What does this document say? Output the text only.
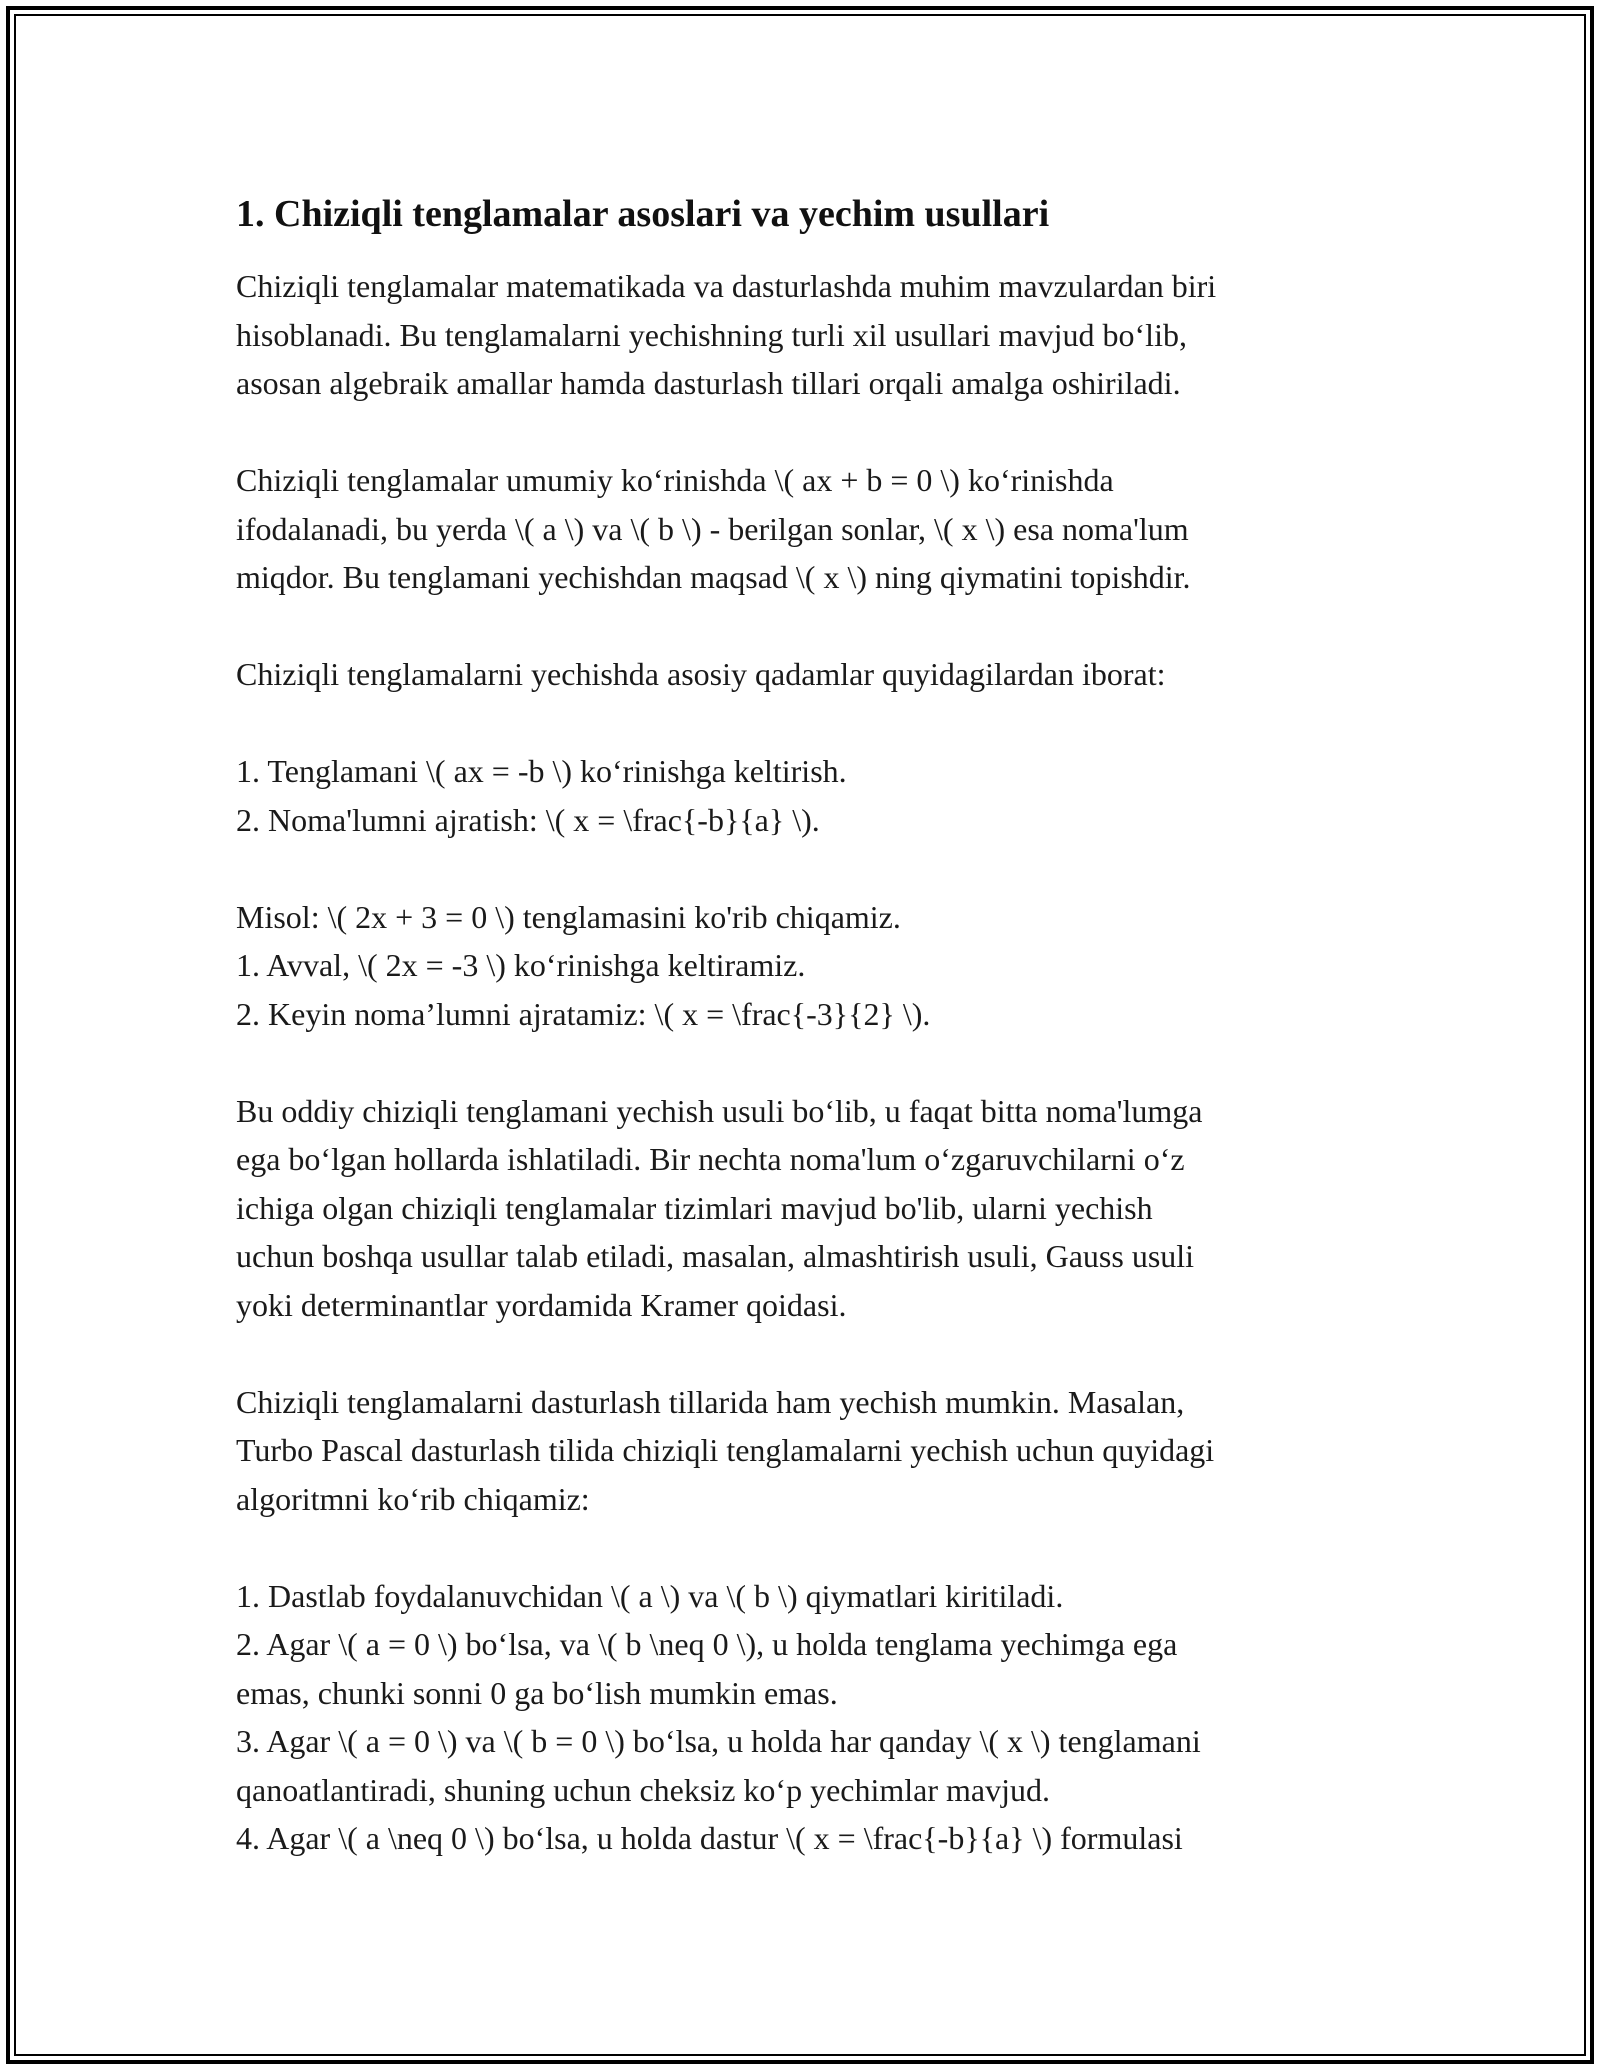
1. Chiziqli tenglamalar asoslari va yechim usullari
Chiziqli tenglamalar matematikada va dasturlashda muhim mavzulardan biri
hisoblanadi. Bu tenglamalarni yechishning turli xil usullari mavjud bo‘lib,
asosan algebraik amallar hamda dasturlash tillari orqali amalga oshiriladi.
Chiziqli tenglamalar umumiy ko‘rinishda \( ax + b = 0 \) ko‘rinishda
ifodalanadi, bu yerda \( a \) va \( b \) - berilgan sonlar, \( x \) esa noma'lum
miqdor. Bu tenglamani yechishdan maqsad \( x \) ning qiymatini topishdir.
Chiziqli tenglamalarni yechishda asosiy qadamlar quyidagilardan iborat:
1. Tenglamani \( ax = -b \) ko‘rinishga keltirish.
2. Noma'lumni ajratish: \( x = \frac{-b}{a} \).
Misol: \( 2x + 3 = 0 \) tenglamasini ko'rib chiqamiz.
1. Avval, \( 2x = -3 \) ko‘rinishga keltiramiz.
2. Keyin noma’lumni ajratamiz: \( x = \frac{-3}{2} \).
Bu oddiy chiziqli tenglamani yechish usuli bo‘lib, u faqat bitta noma'lumga
ega bo‘lgan hollarda ishlatiladi. Bir nechta noma'lum o‘zgaruvchilarni o‘z
ichiga olgan chiziqli tenglamalar tizimlari mavjud bo'lib, ularni yechish
uchun boshqa usullar talab etiladi, masalan, almashtirish usuli, Gauss usuli
yoki determinantlar yordamida Kramer qoidasi.
Chiziqli tenglamalarni dasturlash tillarida ham yechish mumkin. Masalan,
Turbo Pascal dasturlash tilida chiziqli tenglamalarni yechish uchun quyidagi
algoritmni ko‘rib chiqamiz:
1. Dastlab foydalanuvchidan \( a \) va \( b \) qiymatlari kiritiladi.
2. Agar \( a = 0 \) bo‘lsa, va \( b \neq 0 \), u holda tenglama yechimga ega
emas, chunki sonni 0 ga bo‘lish mumkin emas.
3. Agar \( a = 0 \) va \( b = 0 \) bo‘lsa, u holda har qanday \( x \) tenglamani
qanoatlantiradi, shuning uchun cheksiz ko‘p yechimlar mavjud.
4. Agar \( a \neq 0 \) bo‘lsa, u holda dastur \( x = \frac{-b}{a} \) formulasi
